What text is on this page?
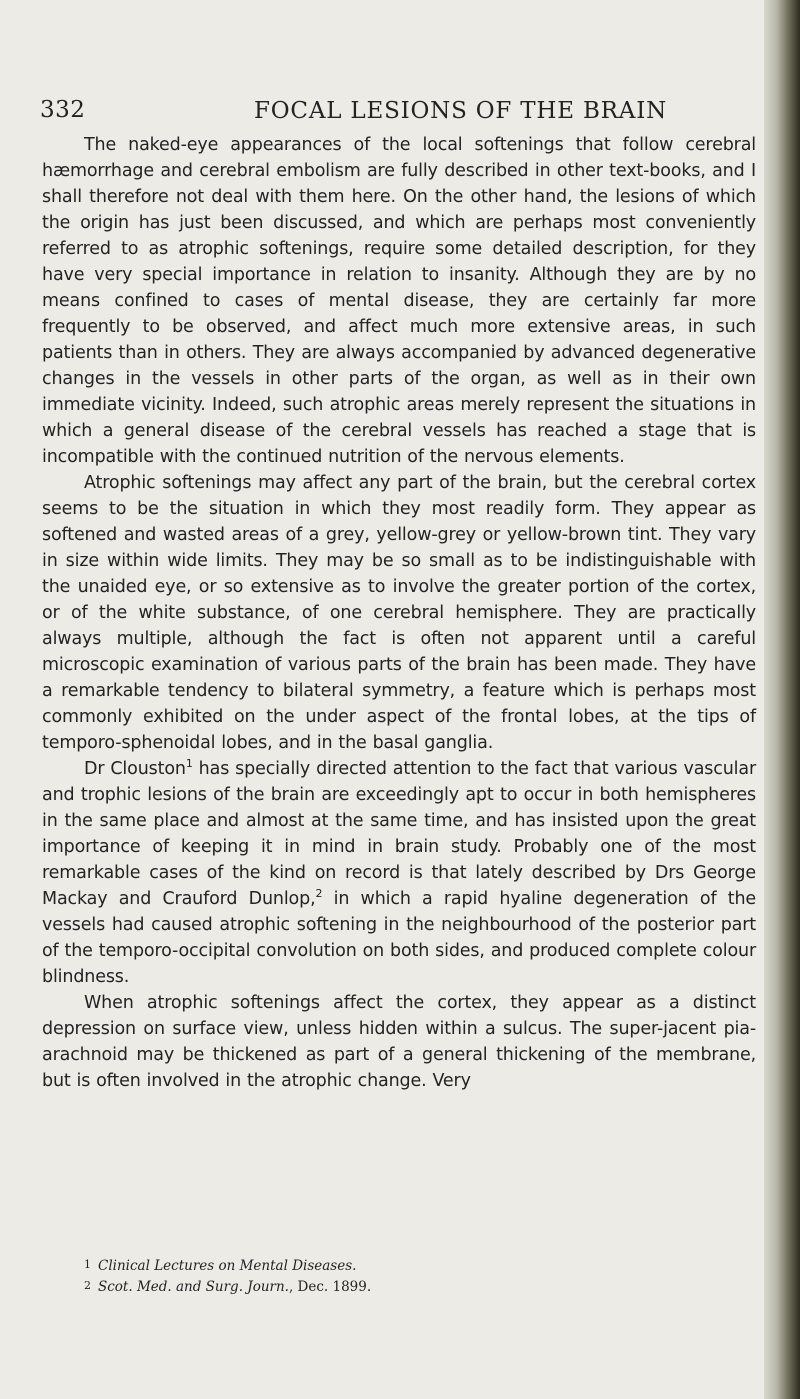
332	FOCAL LESIONS OF THE BRAIN

The naked-eye appearances of the local softenings that follow cerebral hæmorrhage and cerebral embolism are fully described in other text-books, and I shall therefore not deal with them here. On the other hand, the lesions of which the origin has just been discussed, and which are perhaps most conveniently referred to as atrophic softenings, require some detailed description, for they have very special importance in relation to insanity. Although they are by no means confined to cases of mental disease, they are certainly far more frequently to be observed, and affect much more extensive areas, in such patients than in others. They are always accompanied by advanced degenerative changes in the vessels in other parts of the organ, as well as in their own immediate vicinity. Indeed, such atrophic areas merely represent the situations in which a general disease of the cerebral vessels has reached a stage that is incompatible with the continued nutrition of the nervous elements.

Atrophic softenings may affect any part of the brain, but the cerebral cortex seems to be the situation in which they most readily form. They appear as softened and wasted areas of a grey, yellow-grey or yellow-brown tint. They vary in size within wide limits. They may be so small as to be indistinguishable with the unaided eye, or so extensive as to involve the greater portion of the cortex, or of the white substance, of one cerebral hemisphere. They are practically always multiple, although the fact is often not apparent until a careful microscopic examination of various parts of the brain has been made. They have a remarkable tendency to bilateral symmetry, a feature which is perhaps most commonly exhibited on the under aspect of the frontal lobes, at the tips of temporo-sphenoidal lobes, and in the basal ganglia.

Dr Clouston$^1$ has specially directed attention to the fact that various vascular and trophic lesions of the brain are exceedingly apt to occur in both hemispheres in the same place and almost at the same time, and has insisted upon the great importance of keeping it in mind in brain study. Probably one of the most remarkable cases of the kind on record is that lately described by Drs George Mackay and Crauford Dunlop,$^2$ in which a rapid hyaline degeneration of the vessels had caused atrophic softening in the neighbourhood of the posterior part of the temporo-occipital convolution on both sides, and produced complete colour blindness.

When atrophic softenings affect the cortex, they appear as a distinct depression on surface view, unless hidden within a sulcus. The super-jacent pia-arachnoid may be thickened as part of a general thickening of the membrane, but is often involved in the atrophic change. Very

1 Clinical Lectures on Mental Diseases.
2 Scot. Med. and Surg. Journ., Dec. 1899.
